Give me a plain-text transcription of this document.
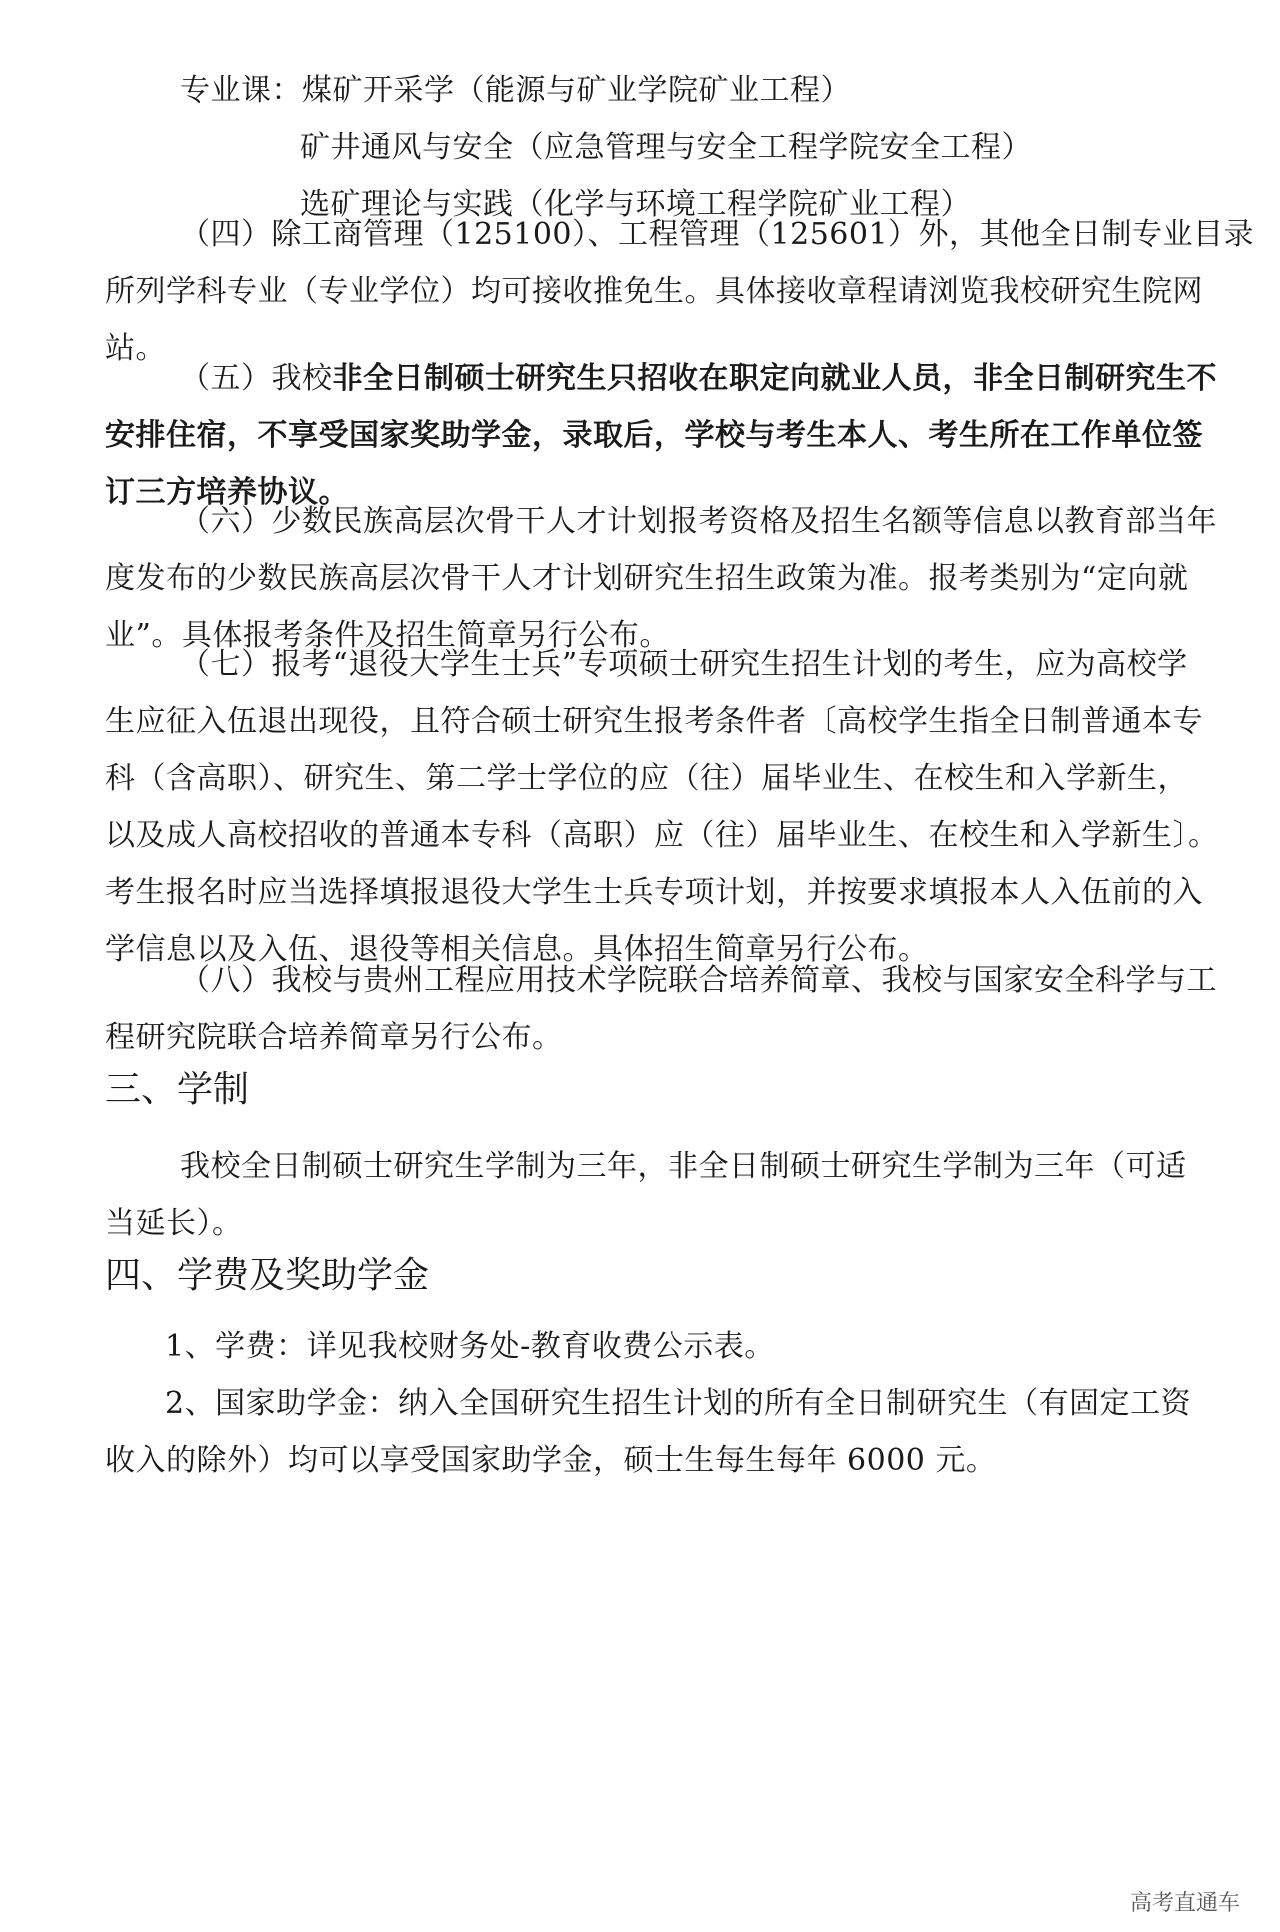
专业课：煤矿开采学（能源与矿业学院矿业工程）
矿井通风与安全（应急管理与安全工程学院安全工程）
选矿理论与实践（化学与环境工程学院矿业工程）
（四）除工商管理（125100）、工程管理（125601）外，其他全日制专业目录
所列学科专业（专业学位）均可接收推免生。具体接收章程请浏览我校研究生院网
站。
（五）我校非全日制硕士研究生只招收在职定向就业人员，非全日制研究生不
安排住宿，不享受国家奖助学金，录取后，学校与考生本人、考生所在工作单位签
订三方培养协议。
（六）少数民族高层次骨干人才计划报考资格及招生名额等信息以教育部当年
度发布的少数民族高层次骨干人才计划研究生招生政策为准。报考类别为“定向就
业”。具体报考条件及招生简章另行公布。
（七）报考“退役大学生士兵”专项硕士研究生招生计划的考生，应为高校学
生应征入伍退出现役，且符合硕士研究生报考条件者〔高校学生指全日制普通本专
科（含高职）、研究生、第二学士学位的应（往）届毕业生、在校生和入学新生，
以及成人高校招收的普通本专科（高职）应（往）届毕业生、在校生和入学新生〕。
考生报名时应当选择填报退役大学生士兵专项计划，并按要求填报本人入伍前的入
学信息以及入伍、退役等相关信息。具体招生简章另行公布。
（八）我校与贵州工程应用技术学院联合培养简章、我校与国家安全科学与工
程研究院联合培养简章另行公布。
三、学制
我校全日制硕士研究生学制为三年，非全日制硕士研究生学制为三年（可适
当延长）。
四、学费及奖助学金
1、学费：详见我校财务处-教育收费公示表。
2、国家助学金：纳入全国研究生招生计划的所有全日制研究生（有固定工资
收入的除外）均可以享受国家助学金，硕士生每生每年 6000 元。
高考直通车
